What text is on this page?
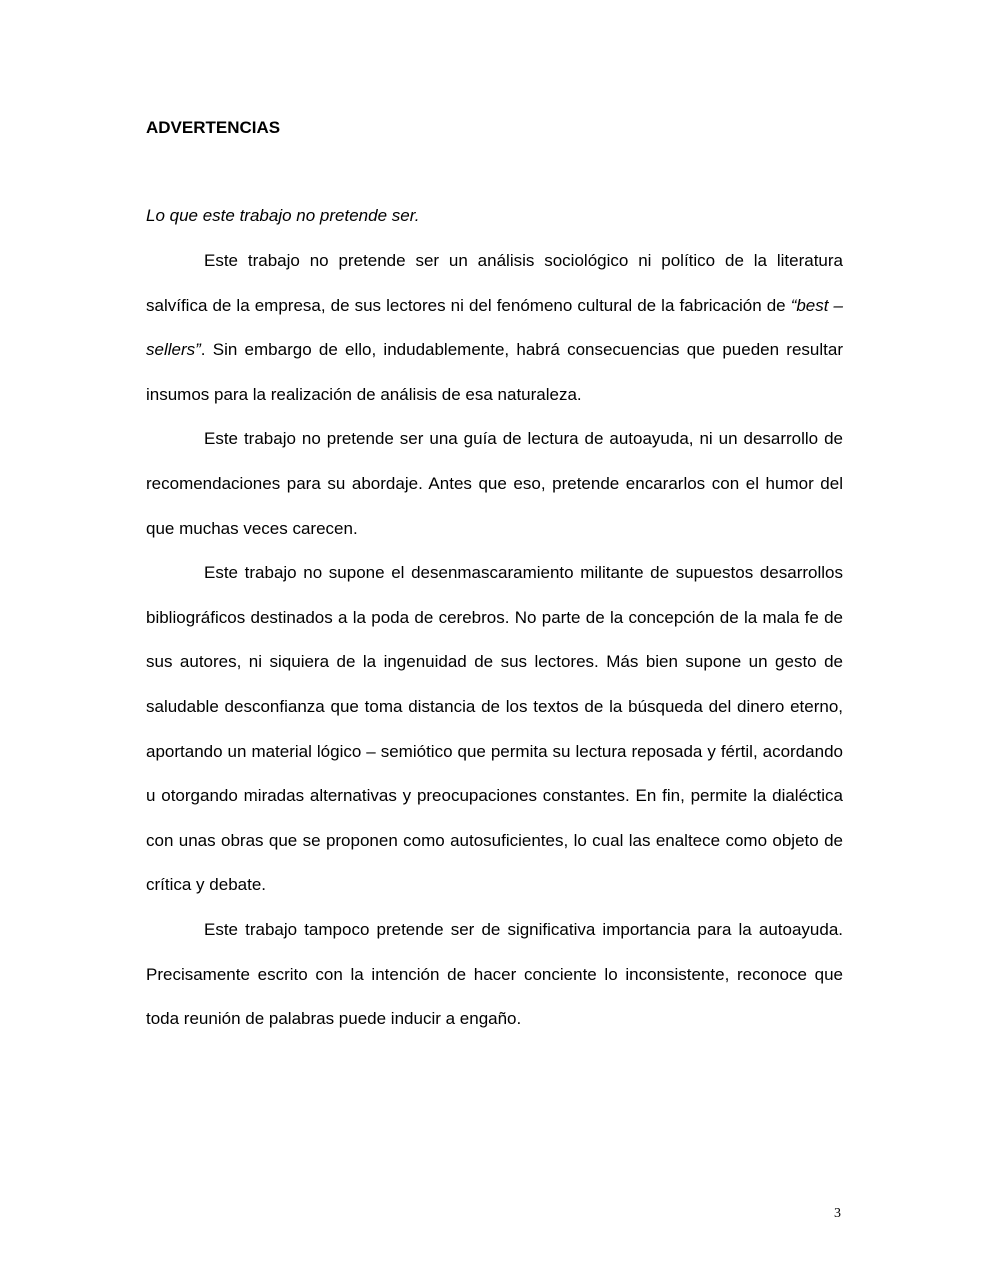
ADVERTENCIAS
Lo que este trabajo no pretende ser.

Este trabajo no pretende ser un análisis sociológico ni político de la literatura salvífica de la empresa, de sus lectores ni del fenómeno cultural de la fabricación de “best – sellers”. Sin embargo de ello, indudablemente, habrá consecuencias que pueden resultar insumos para la realización de análisis de esa naturaleza.

Este trabajo no pretende ser una guía de lectura de autoayuda, ni un desarrollo de recomendaciones para su abordaje. Antes que eso, pretende encararlos con el humor del que muchas veces carecen.

Este trabajo no supone el desenmascaramiento militante de supuestos desarrollos bibliográficos destinados a la poda de cerebros. No parte de la concepción de la mala fe de sus autores, ni siquiera de la ingenuidad de sus lectores. Más bien supone un gesto de saludable desconfianza que toma distancia de los textos de la búsqueda del dinero eterno, aportando un material lógico – semiótico que permita su lectura reposada y fértil, acordando u otorgando miradas alternativas y preocupaciones constantes. En fin, permite la dialéctica con unas obras que se proponen como autosuficientes, lo cual las enaltece como objeto de crítica y debate.

Este trabajo tampoco pretende ser de significativa importancia para la autoayuda. Precisamente escrito con la intención de hacer conciente lo inconsistente, reconoce que toda reunión de palabras puede inducir a engaño.

3
